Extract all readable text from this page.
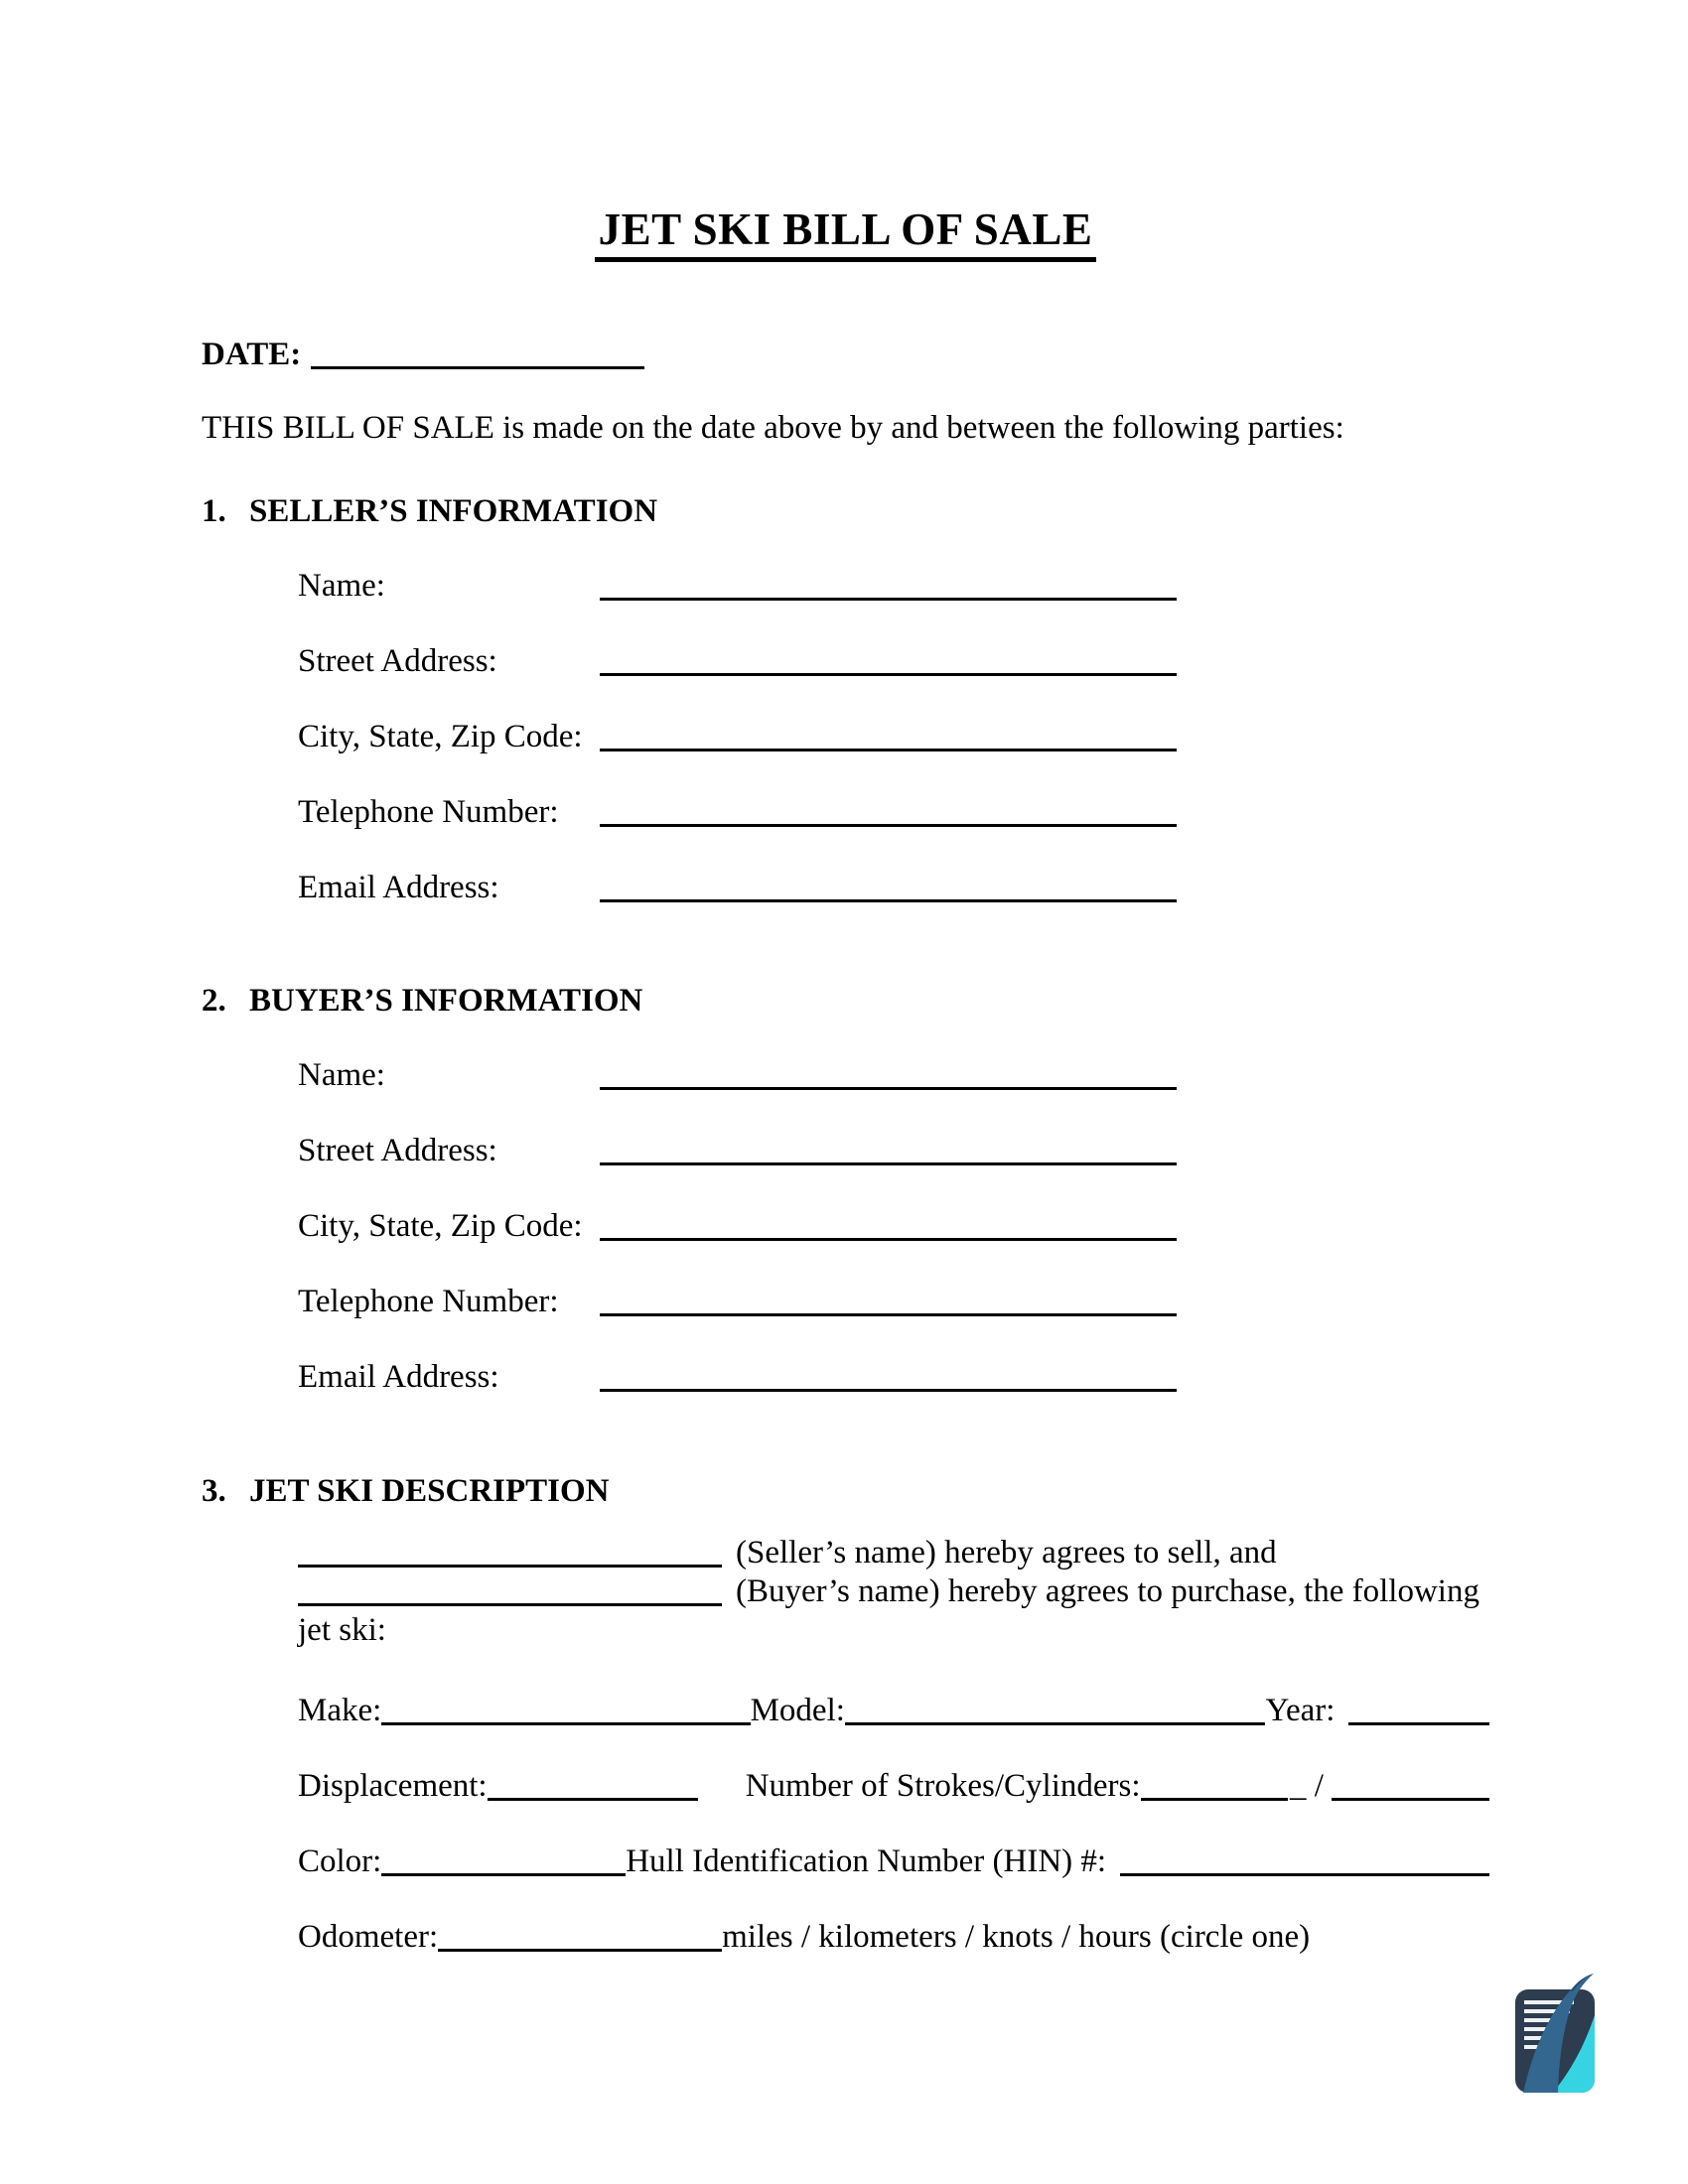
JET SKI BILL OF SALE
DATE:
THIS BILL OF SALE is made on the date above by and between the following parties:
1. SELLER’S INFORMATION
Name:
Street Address:
City, State, Zip Code:
Telephone Number:
Email Address:
2. BUYER’S INFORMATION
Name:
Street Address:
City, State, Zip Code:
Telephone Number:
Email Address:
3. JET SKI DESCRIPTION
(Seller’s name) hereby agrees to sell, and
(Buyer’s name) hereby agrees to purchase, the following
jet ski:
Make:	Model:	Year:
Displacement:	Number of Strokes/Cylinders:	_ /
Color:	Hull Identification Number (HIN) #:
Odometer:	miles / kilometers / knots / hours (circle one)
